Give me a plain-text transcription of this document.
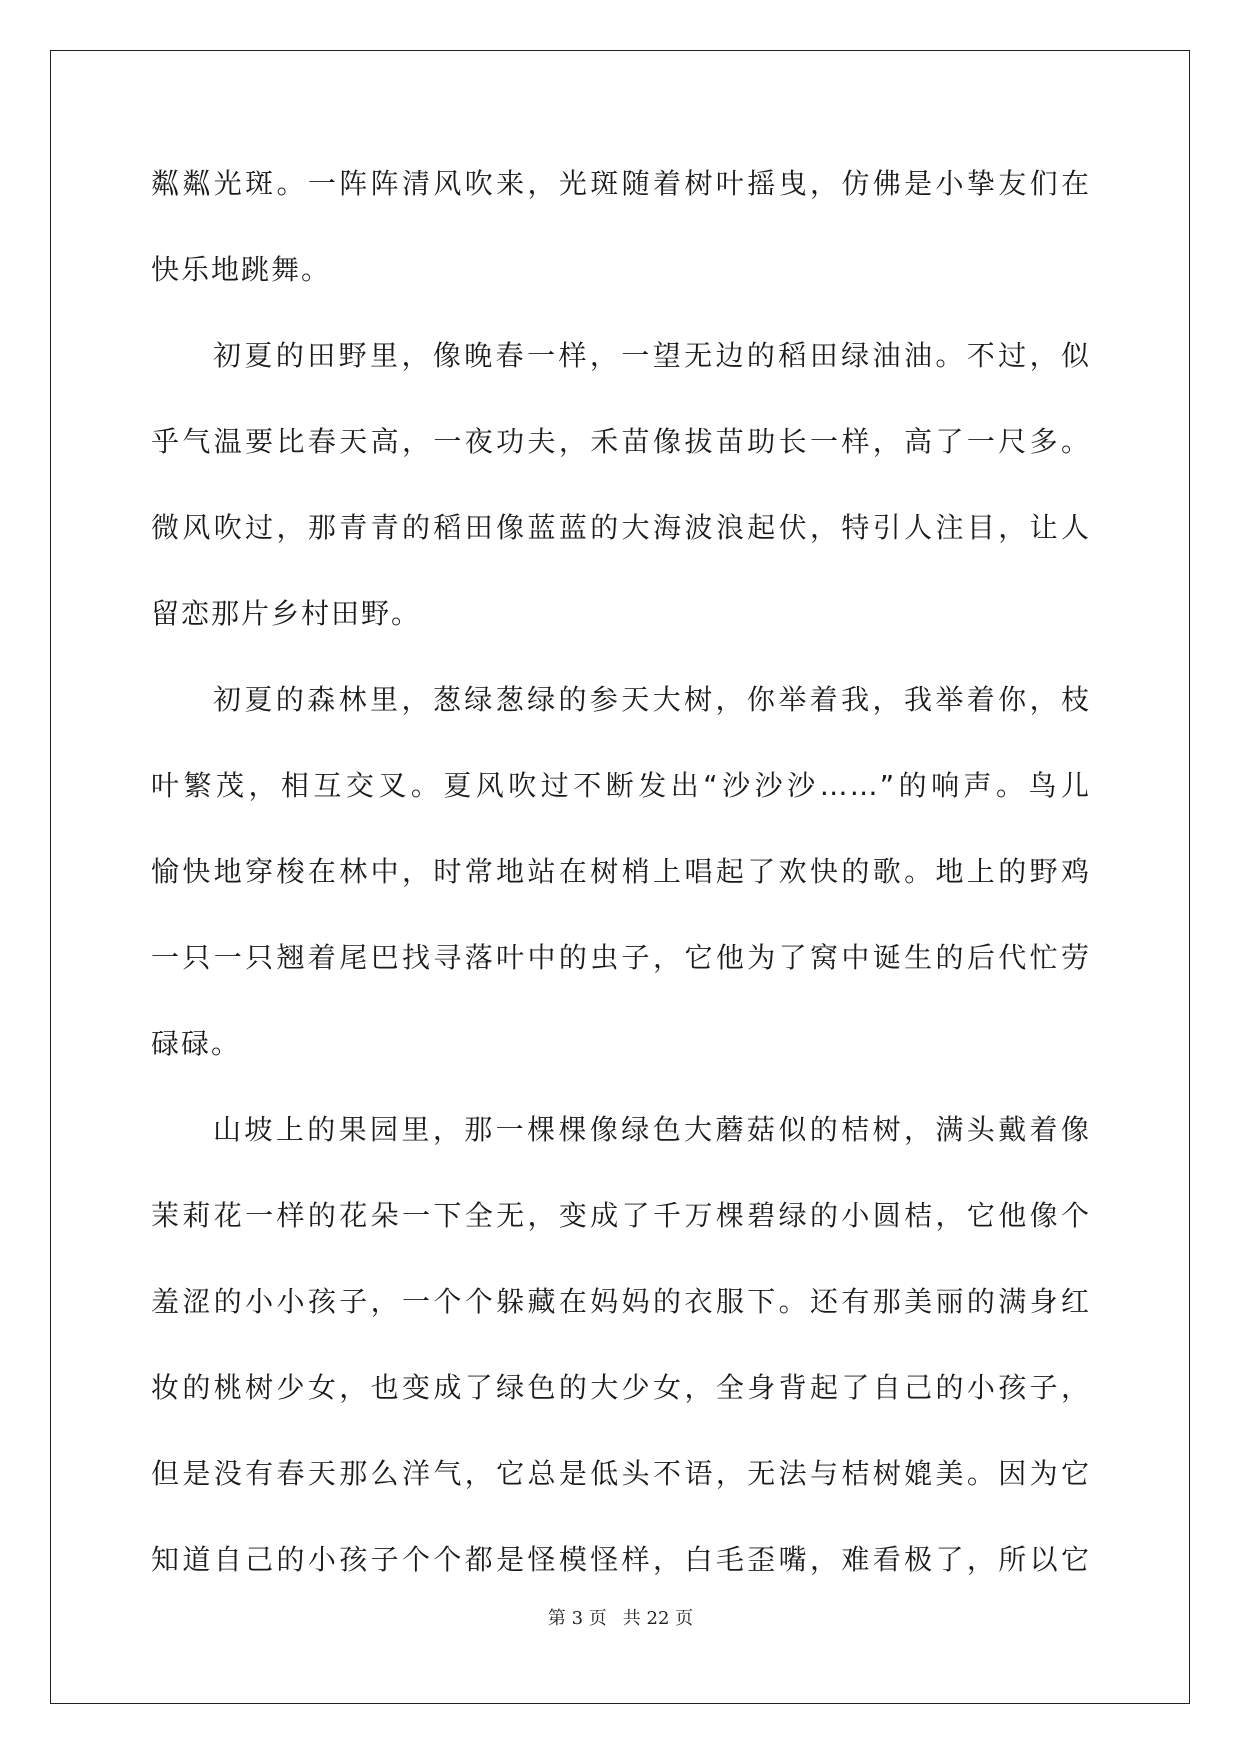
粼粼光斑。一阵阵清风吹来，光斑随着树叶摇曳，仿佛是小挚友们在
快乐地跳舞。
初夏的田野里，像晚春一样，一望无边的稻田绿油油。不过，似
乎气温要比春天高，一夜功夫，禾苗像拔苗助长一样，高了一尺多。
微风吹过，那青青的稻田像蓝蓝的大海波浪起伏，特引人注目，让人
留恋那片乡村田野。
初夏的森林里，葱绿葱绿的参天大树，你举着我，我举着你，枝
叶繁茂，相互交叉。夏风吹过不断发出“沙沙沙……”的响声。鸟儿
愉快地穿梭在林中，时常地站在树梢上唱起了欢快的歌。地上的野鸡
一只一只翘着尾巴找寻落叶中的虫子，它他为了窝中诞生的后代忙劳
碌碌。
山坡上的果园里，那一棵棵像绿色大蘑菇似的桔树，满头戴着像
茉莉花一样的花朵一下全无，变成了千万棵碧绿的小圆桔，它他像个
羞涩的小小孩子，一个个躲藏在妈妈的衣服下。还有那美丽的满身红
妆的桃树少女，也变成了绿色的大少女，全身背起了自己的小孩子，
但是没有春天那么洋气，它总是低头不语，无法与桔树媲美。因为它
知道自己的小孩子个个都是怪模怪样，白毛歪嘴，难看极了，所以它
第 3 页 共 22 页
